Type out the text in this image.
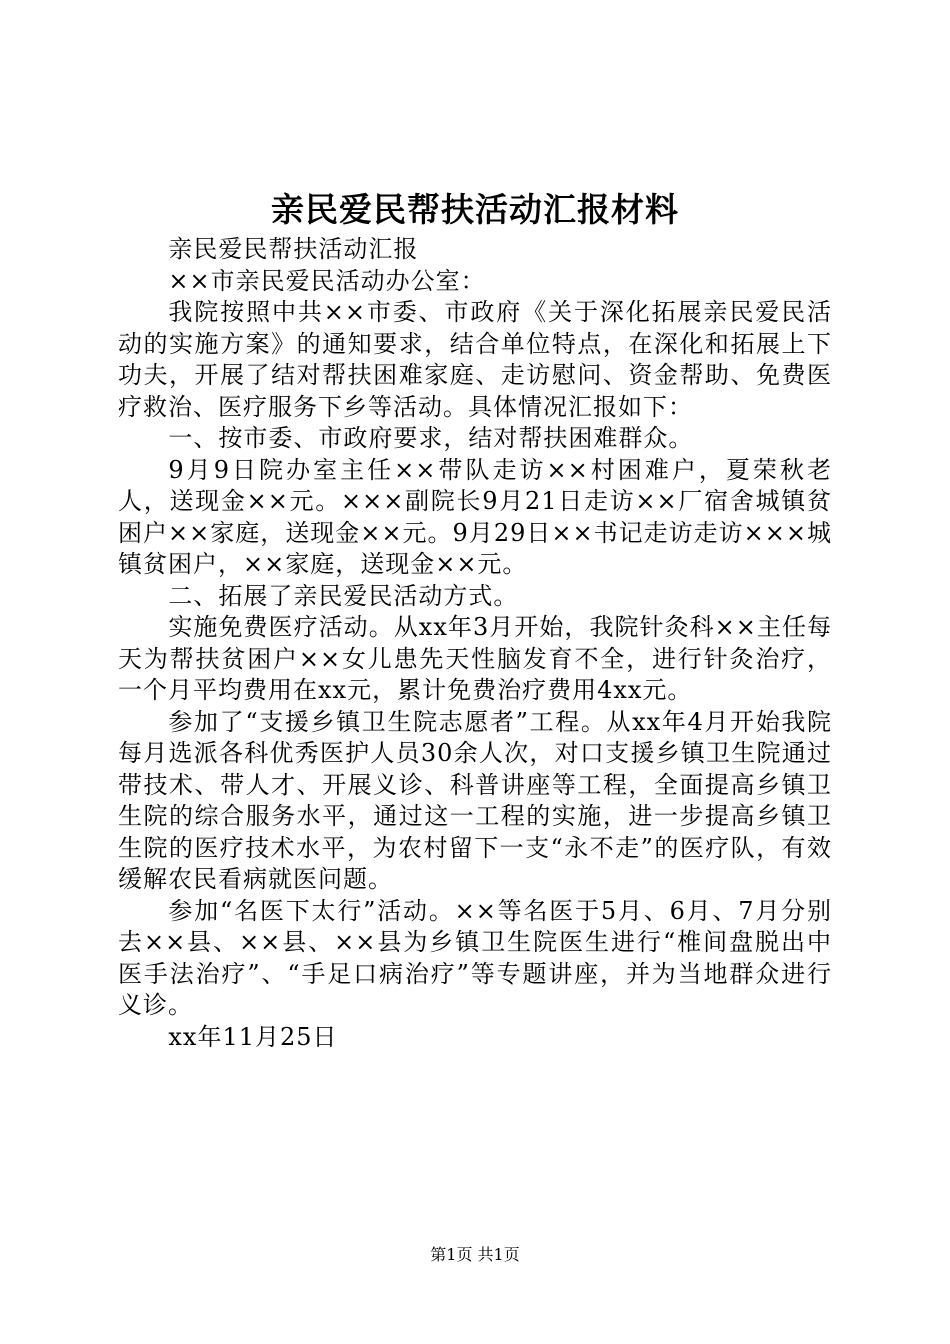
亲民爱民帮扶活动汇报材料

亲民爱民帮扶活动汇报

××市亲民爱民活动办公室：

我院按照中共××市委、市政府《关于深化拓展亲民爱民活动的实施方案》的通知要求，结合单位特点，在深化和拓展上下功夫，开展了结对帮扶困难家庭、走访慰问、资金帮助、免费医疗救治、医疗服务下乡等活动。具体情况汇报如下：

一、按市委、市政府要求，结对帮扶困难群众。

9月9日院办室主任××带队走访××村困难户，夏荣秋老人，送现金××元。×××副院长9月21日走访××厂宿舍城镇贫困户××家庭，送现金××元。9月29日××书记走访走访×××城镇贫困户，××家庭，送现金××元。

二、拓展了亲民爱民活动方式。

实施免费医疗活动。从xx年3月开始，我院针灸科××主任每天为帮扶贫困户××女儿患先天性脑发育不全，进行针灸治疗，一个月平均费用在xx元，累计免费治疗费用4xx元。

参加了“支援乡镇卫生院志愿者”工程。从xx年4月开始我院每月选派各科优秀医护人员30余人次，对口支援乡镇卫生院通过带技术、带人才、开展义诊、科普讲座等工程，全面提高乡镇卫生院的综合服务水平，通过这一工程的实施，进一步提高乡镇卫生院的医疗技术水平，为农村留下一支“永不走”的医疗队，有效缓解农民看病就医问题。

参加“名医下太行”活动。××等名医于5月、6月、7月分别去××县、××县、××县为乡镇卫生院医生进行“椎间盘脱出中医手法治疗”、“手足口病治疗”等专题讲座，并为当地群众进行义诊。

xx年11月25日

第1页 共1页
